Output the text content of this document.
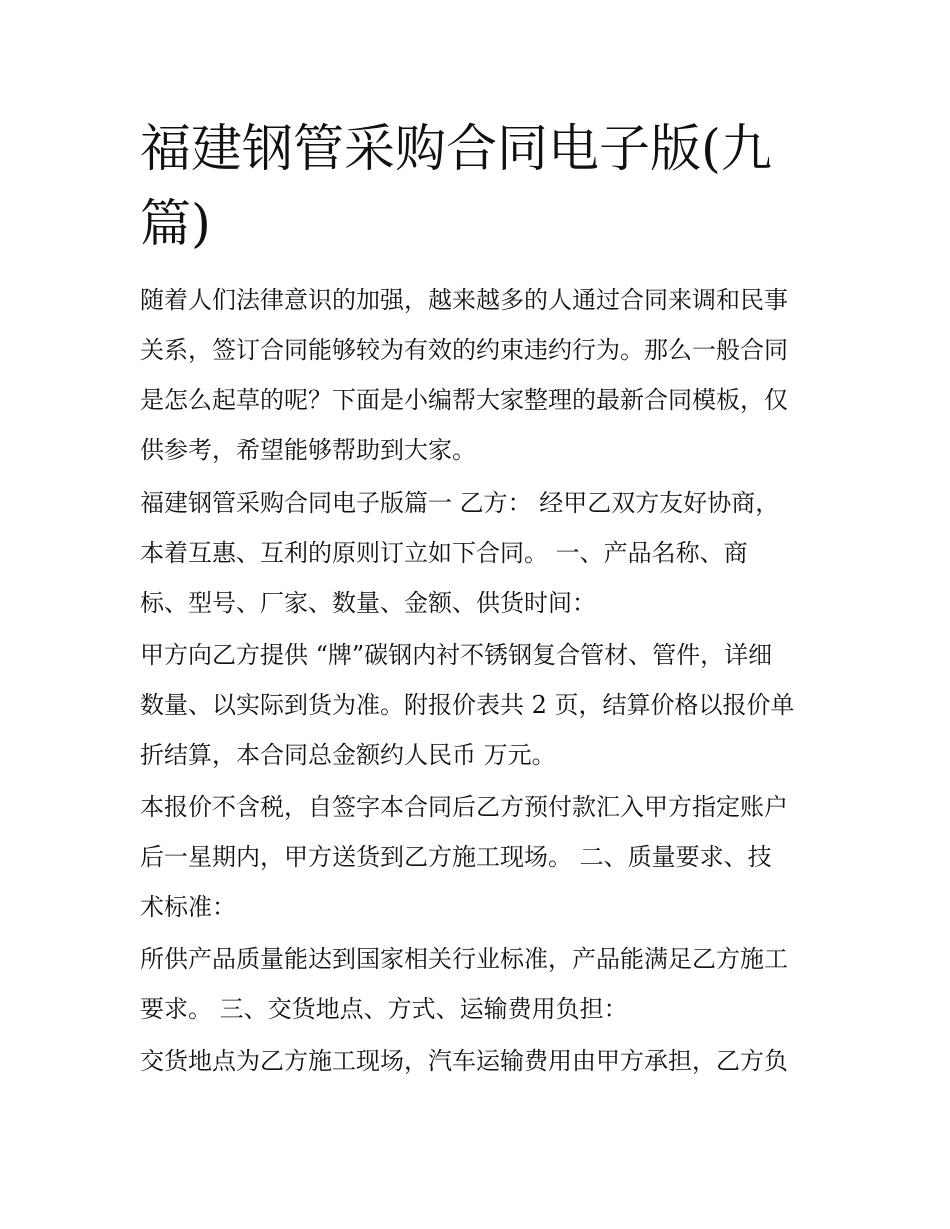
福建钢管采购合同电子版(九
篇)

随着人们法律意识的加强，越来越多的人通过合同来调和民事

关系，签订合同能够较为有效的约束违约行为。那么一般合同

是怎么起草的呢？下面是小编帮大家整理的最新合同模板，仅

供参考，希望能够帮助到大家。

福建钢管采购合同电子版篇一 乙方： 经甲乙双方友好协商，

本着互惠、互利的原则订立如下合同。 一、产品名称、商

标、型号、厂家、数量、金额、供货时间：

甲方向乙方提供 “牌”碳钢内衬不锈钢复合管材、管件，详细

数量、以实际到货为准。附报价表共 2 页，结算价格以报价单

折结算，本合同总金额约人民币 万元。

本报价不含税，自签字本合同后乙方预付款汇入甲方指定账户

后一星期内，甲方送货到乙方施工现场。 二、质量要求、技

术标准：

所供产品质量能达到国家相关行业标准，产品能满足乙方施工

要求。 三、交货地点、方式、运输费用负担：

交货地点为乙方施工现场，汽车运输费用由甲方承担，乙方负
